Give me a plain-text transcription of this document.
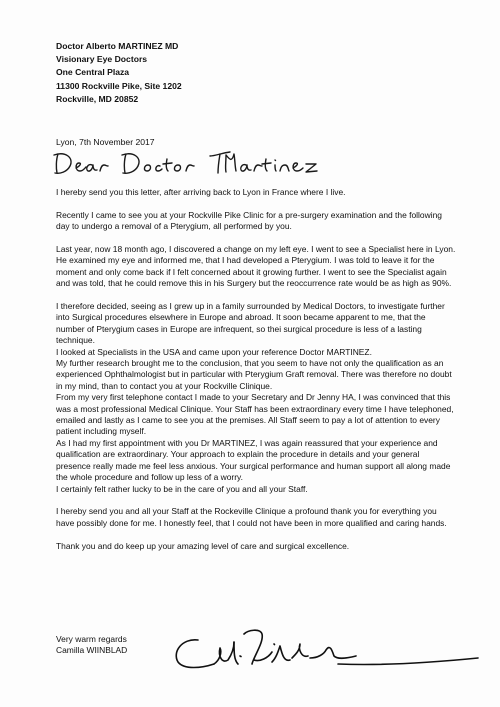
Doctor Alberto MARTINEZ MD
Visionary Eye Doctors
One Central Plaza
11300 Rockville Pike, Site 1202
Rockville, MD 20852
Lyon, 7th November 2017

I hereby send you this letter, after arriving back to Lyon in France where I live.

Recently I came to see you at your Rockville Pike Clinic for a pre-surgery examination and the following day to undergo a removal of a Pterygium, all performed by you.

Last year, now 18 month ago, I discovered a change on my left eye. I went to see a Specialist here in Lyon. He examined my eye and informed me, that I had developed a Pterygium. I was told to leave it for the moment and only come back if I felt concerned about it growing further. I went to see the Specialist again and was told, that he could remove this in his Surgery but the reoccurrence rate would be as high as 90%.

I therefore decided, seeing as I grew up in a family surrounded by Medical Doctors, to investigate further into Surgical procedures elsewhere in Europe and abroad. It soon became apparent to me, that the number of Pterygium cases in Europe are infrequent, so thei surgical procedure is less of a lasting technique.

I looked at Specialists in the USA and came upon your reference Doctor MARTINEZ.

My further research brought me to the conclusion, that you seem to have not only the qualification as an experienced Ophthalmologist but in particular with Pterygium Graft removal. There was therefore no doubt in my mind, than to contact you at your Rockville Clinique.

From my very first telephone contact I made to your Secretary and Dr Jenny HA, I was convinced that this was a most professional Medical Clinique. Your Staff has been extraordinary every time I have telephoned, emailed and lastly as I came to see you at the premises. All Staff seem to pay a lot of attention to every patient including myself.

As I had my first appointment with you Dr MARTINEZ, I was again reassured that your experience and qualification are extraordinary. Your approach to explain the procedure in details and your general presence really made me feel less anxious. Your surgical performance and human support all along made the whole procedure and follow up less of a worry.

I certainly felt rather lucky to be in the care of you and all your Staff.

I hereby send you and all your Staff at the Rockeville Clinique a profound thank you for everything you have possibly done for me. I honestly feel, that I could not have been in more qualified and caring hands.

Thank you and do keep up your amazing level of care and surgical excellence.

Very warm regards
Camilla WIINBLAD
